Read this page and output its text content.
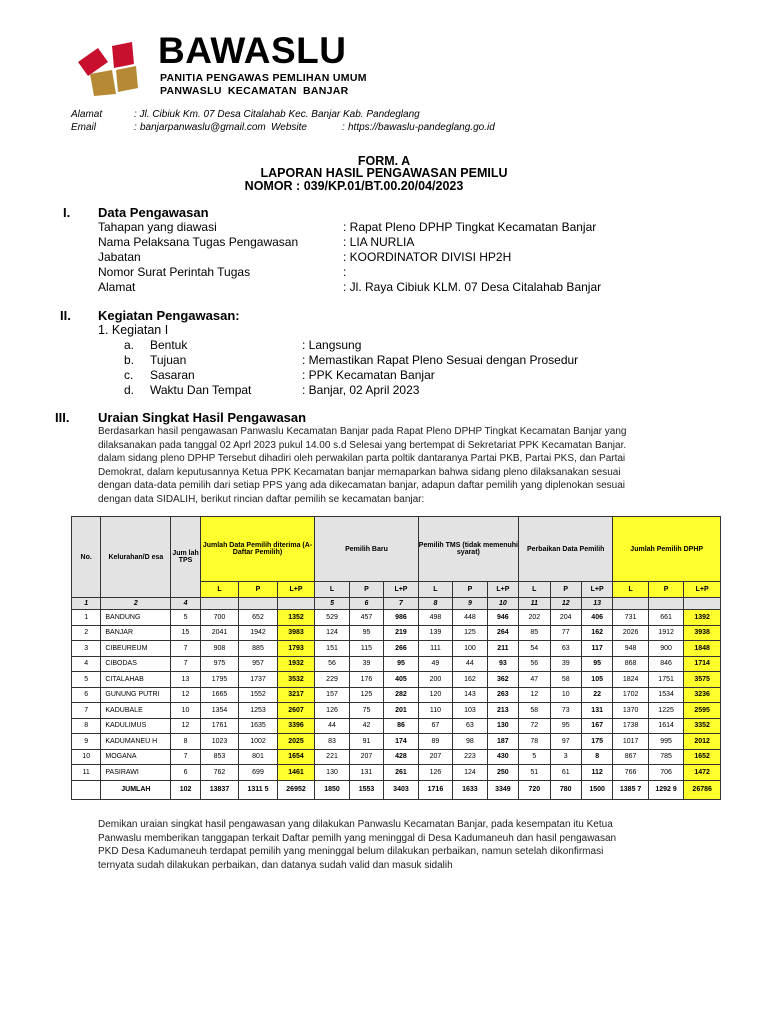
BAWASLU
PANITIA PENGAWAS PEMLIHAN UMUM
PANWASLU KECAMATAN BANJAR
Alamat	: Jl. Cibiuk Km. 07 Desa Citalahab Kec. Banjar Kab. Pandeglang
Email	: banjarpanwaslu@gmail.com Website	: https://bawaslu-pandeglang.go.id
FORM. A
LAPORAN HASIL PENGAWASAN PEMILU
NOMOR : 039/KP.01/BT.00.20/04/2023
I. Data Pengawasan
Tahapan yang diawasi	: Rapat Pleno DPHP Tingkat Kecamatan Banjar
Nama Pelaksana Tugas Pengawasan	: LIA NURLIA
Jabatan	: KOORDINATOR DIVISI HP2H
Nomor Surat Perintah Tugas	:
Alamat	: Jl. Raya Cibiuk KLM. 07 Desa Citalahab Banjar
II. Kegiatan Pengawasan:
1. Kegiatan I
a. Bentuk	: Langsung
b. Tujuan	: Memastikan Rapat Pleno Sesuai dengan Prosedur
c. Sasaran	: PPK Kecamatan Banjar
d. Waktu Dan Tempat	: Banjar, 02 April 2023
III. Uraian Singkat Hasil Pengawasan
Berdasarkan hasil pengawasan Panwaslu Kecamatan Banjar pada Rapat Pleno DPHP Tingkat Kecamatan Banjar yang
dilaksanakan pada tanggal 02 Aprl 2023 pukul 14.00 s.d Selesai yang bertempat di Sekretariat PPK Kecamatan Banjar.
dalam sidang pleno DPHP Tersebut dihadiri oleh perwakilan parta poltik dantaranya Partai PKB, Partai PKS, dan Partai
Demokrat, dalam keputusannya Ketua PPK Kecamatan banjar memaparkan bahwa sidang pleno dilaksanakan sesuai
dengan data-data pemilih dari setiap PPS yang ada dikecamatan banjar, adapun daftar pemilih yang diplenokan sesuai
dengan data SIDALIH, berikut rincian daftar pemilih se kecamatan banjar:
No.	Kelurahan/D esa	Jum lah TPS	Jumlah Data Pemilih diterima (A-Daftar Pemilih)			Pemilih Baru			Pemilih TMS (tidak memenuhi syarat)			Perbaikan Data Pemilih			Jumlah Pemilih DPHP		
			L	P	L+P	L	P	L+P	L	P	L+P	L	P	L+P	L	P	L+P
1	2	4				5	6	7	8	9	10	11	12	13			
1	BANDUNG	5	700	652	1352	529	457	986	498	448	946	202	204	406	731	661	1392
2	BANJAR	15	2041	1942	3983	124	95	219	139	125	264	85	77	162	2026	1912	3938
3	CIBEUREUM	7	908	885	1793	151	115	266	111	100	211	54	63	117	948	900	1848
4	CIBODAS	7	975	957	1932	56	39	95	49	44	93	56	39	95	868	846	1714
5	CITALAHAB	13	1795	1737	3532	229	176	405	200	162	362	47	58	105	1824	1751	3575
6	GUNUNG PUTRI	12	1665	1552	3217	157	125	282	120	143	263	12	10	22	1702	1534	3236
7	KADUBALE	10	1354	1253	2607	126	75	201	110	103	213	58	73	131	1370	1225	2595
8	KADULIMUS	12	1761	1635	3396	44	42	86	67	63	130	72	95	167	1738	1614	3352
9	KADUMANEU H	8	1023	1002	2025	83	91	174	89	98	187	78	97	175	1017	995	2012
10	MOGANA	7	853	801	1654	221	207	428	207	223	430	5	3	8	867	785	1652
11	PASIRAWI	6	762	699	1461	130	131	261	126	124	250	51	61	112	766	706	1472
	JUMLAH	102	13837	1311 5	26952	1850	1553	3403	1716	1633	3349	720	780	1500	1385 7	1292 9	26786
Demikan uraian singkat hasil pengawasan yang dilakukan Panwaslu Kecamatan Banjar, pada kesempatan itu Ketua
Panwaslu memberikan tanggapan terkait Daftar pemilh yang meninggal di Desa Kadumaneuh dan hasil pengawasan
PKD Desa Kadumaneuh terdapat pemilih yang meninggal belum dilakukan perbaikan, namun setelah dikonfirmasi
ternyata sudah dilakukan perbaikan, dan datanya sudah valid dan masuk sidalih
